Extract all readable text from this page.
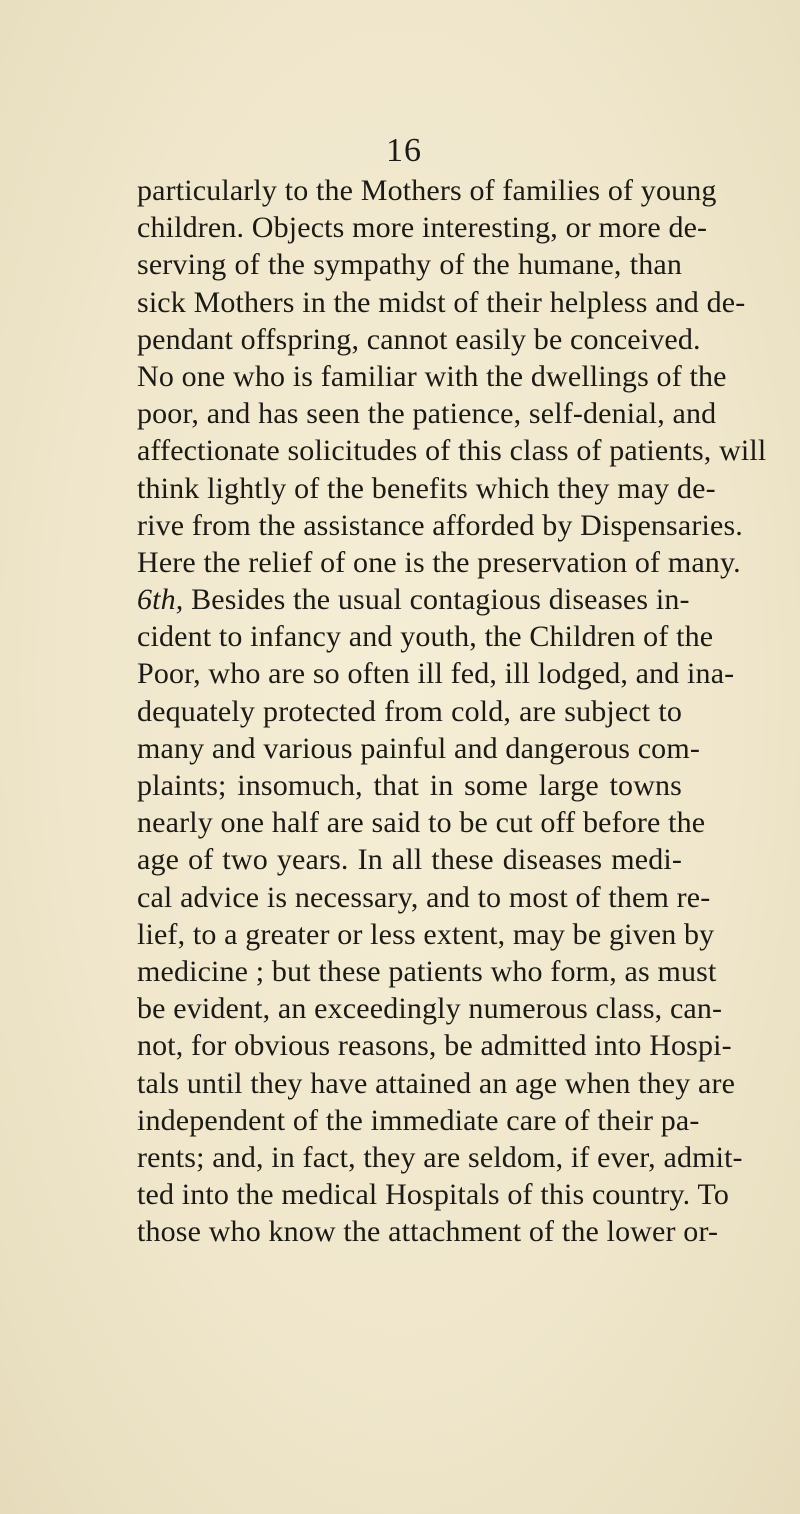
16
particularly to the Mothers of families of young
children. Objects more interesting, or more de-
serving of the sympathy of the humane, than
sick Mothers in the midst of their helpless and de-
pendant offspring, cannot easily be conceived.
No one who is familiar with the dwellings of the
poor, and has seen the patience, self-denial, and
affectionate solicitudes of this class of patients, will
think lightly of the benefits which they may de-
rive from the assistance afforded by Dispensaries.
Here the relief of one is the preservation of many.
6th, Besides the usual contagious diseases in-
cident to infancy and youth, the Children of the
Poor, who are so often ill fed, ill lodged, and ina-
dequately protected from cold, are subject to
many and various painful and dangerous com-
plaints; insomuch, that in some large towns
nearly one half are said to be cut off before the
age of two years. In all these diseases medi-
cal advice is necessary, and to most of them re-
lief, to a greater or less extent, may be given by
medicine ; but these patients who form, as must
be evident, an exceedingly numerous class, can-
not, for obvious reasons, be admitted into Hospi-
tals until they have attained an age when they are
independent of the immediate care of their pa-
rents; and, in fact, they are seldom, if ever, admit-
ted into the medical Hospitals of this country. To
those who know the attachment of the lower or-
